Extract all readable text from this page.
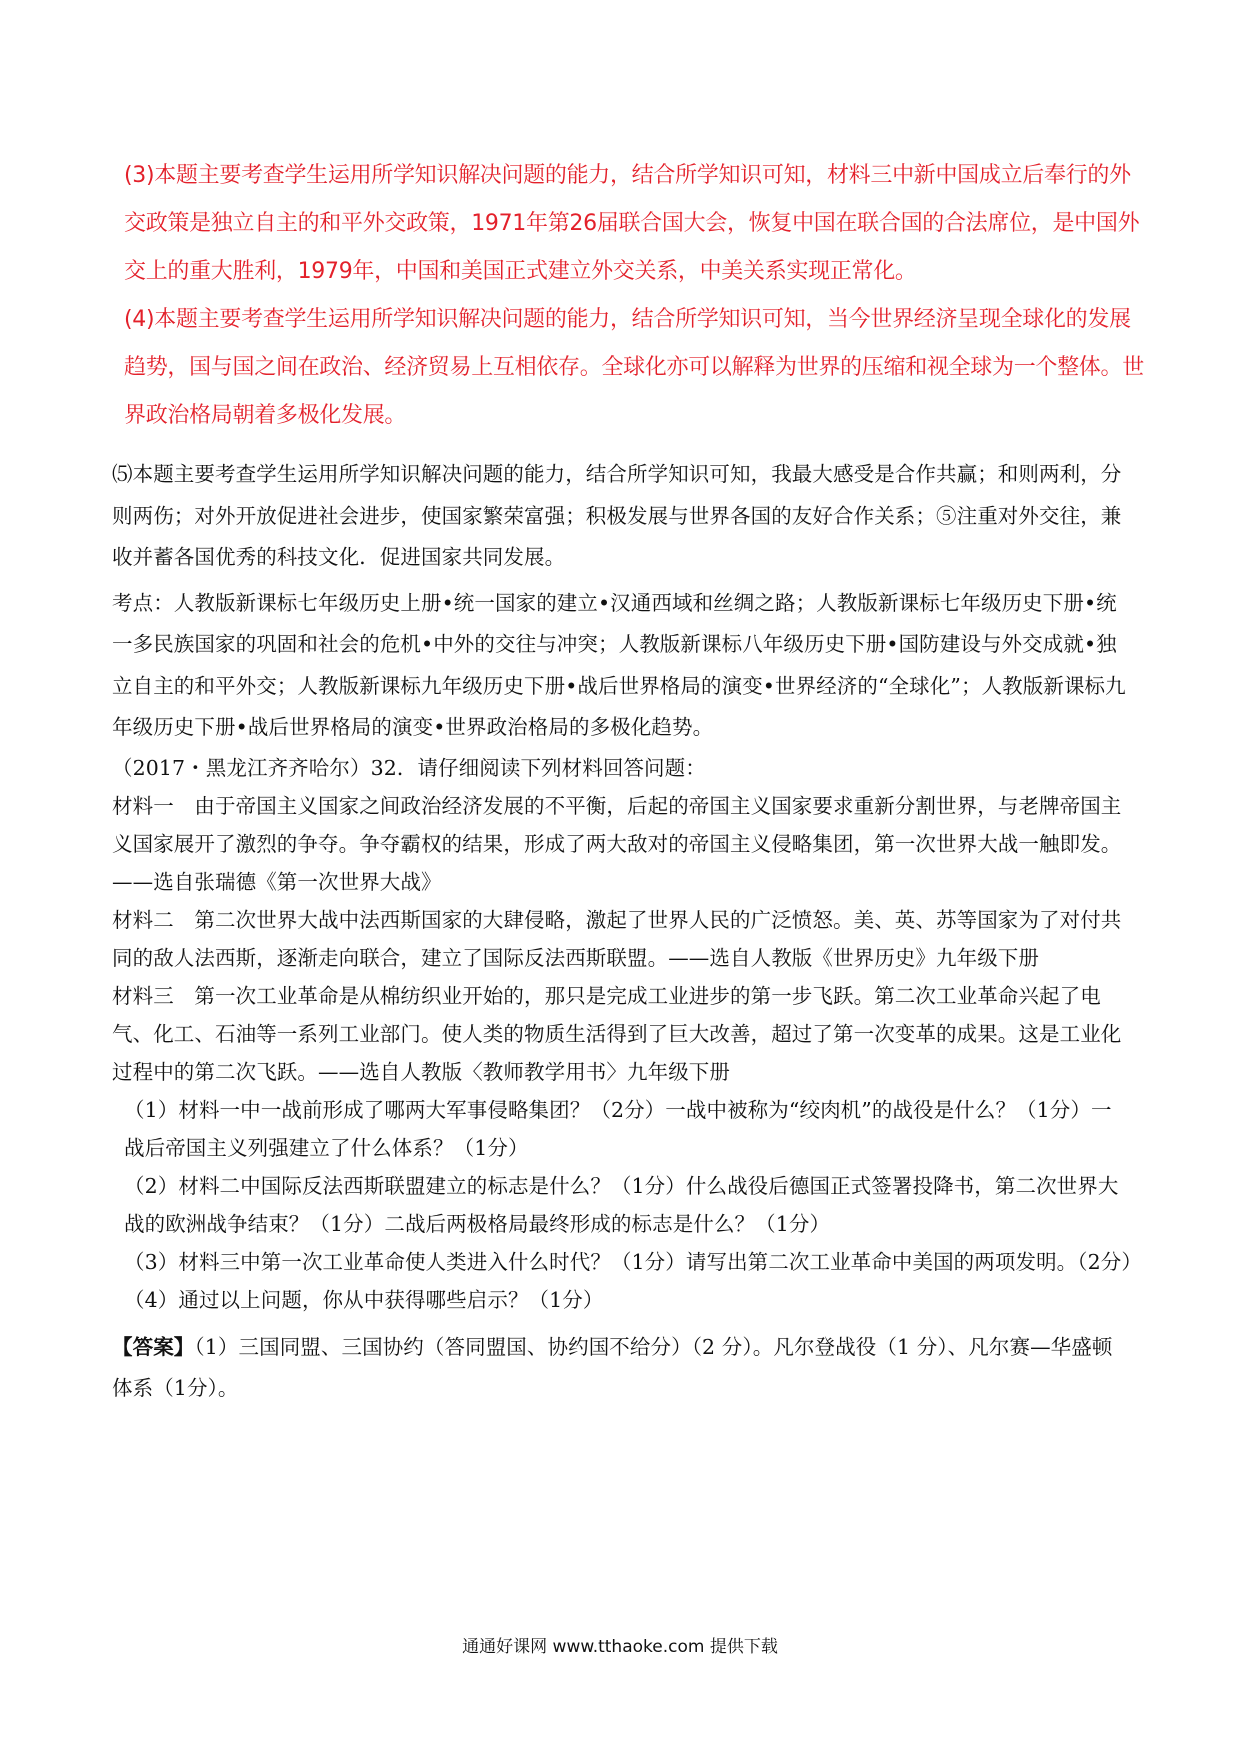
(3)本题主要考查学生运用所学知识解决问题的能力，结合所学知识可知，材料三中新中国成立后奉行的外交政策是独立自主的和平外交政策，1971年第26届联合国大会，恢复中国在联合国的合法席位，是中国外交上的重大胜利，1979年，中国和美国正式建立外交关系，中美关系实现正常化。

(4)本题主要考查学生运用所学知识解决问题的能力，结合所学知识可知，当今世界经济呈现全球化的发展趋势，国与国之间在政治、经济贸易上互相依存。全球化亦可以解释为世界的压缩和视全球为一个整体。世界政治格局朝着多极化发展。

⑸本题主要考查学生运用所学知识解决问题的能力，结合所学知识可知，我最大感受是合作共赢；和则两利，分则两伤；对外开放促进社会进步，使国家繁荣富强；积极发展与世界各国的友好合作关系；⑤注重对外交往，兼收并蓄各国优秀的科技文化．促进国家共同发展。

考点：人教版新课标七年级历史上册•统一国家的建立•汉通西域和丝绸之路；人教版新课标七年级历史下册•统一多民族国家的巩固和社会的危机•中外的交往与冲突；人教版新课标八年级历史下册•国防建设与外交成就•独立自主的和平外交；人教版新课标九年级历史下册•战后世界格局的演变•世界经济的“全球化”；人教版新课标九年级历史下册•战后世界格局的演变•世界政治格局的多极化趋势。

（2017・黑龙江齐齐哈尔）32．请仔细阅读下列材料回答问题：

材料一　由于帝国主义国家之间政治经济发展的不平衡，后起的帝国主义国家要求重新分割世界，与老牌帝国主义国家展开了激烈的争夺。争夺霸权的结果，形成了两大敌对的帝国主义侵略集团，第一次世界大战一触即发。——选自张瑞德《第一次世界大战》

材料二　第二次世界大战中法西斯国家的大肆侵略，激起了世界人民的广泛愤怒。美、英、苏等国家为了对付共同的敌人法西斯，逐渐走向联合，建立了国际反法西斯联盟。——选自人教版《世界历史》九年级下册

材料三　第一次工业革命是从棉纺织业开始的，那只是完成工业进步的第一步飞跃。第二次工业革命兴起了电气、化工、石油等一系列工业部门。使人类的物质生活得到了巨大改善，超过了第一次变革的成果。这是工业化过程中的第二次飞跃。——选自人教版〈教师教学用书〉九年级下册

（1）材料一中一战前形成了哪两大军事侵略集团？（2分）一战中被称为“绞肉机”的战役是什么？（1分）一战后帝国主义列强建立了什么体系？（1分）

（2）材料二中国际反法西斯联盟建立的标志是什么？（1分）什么战役后德国正式签署投降书，第二次世界大战的欧洲战争结束？（1分）二战后两极格局最终形成的标志是什么？（1分）

（3）材料三中第一次工业革命使人类进入什么时代？（1分）请写出第二次工业革命中美国的两项发明。（2分）

（4）通过以上问题，你从中获得哪些启示？（1分）

【答案】（1）三国同盟、三国协约（答同盟国、协约国不给分）（2 分）。凡尔登战役（1 分）、凡尔赛—华盛顿体系（1分）。

通通好课网 www.tthaoke.com 提供下载
